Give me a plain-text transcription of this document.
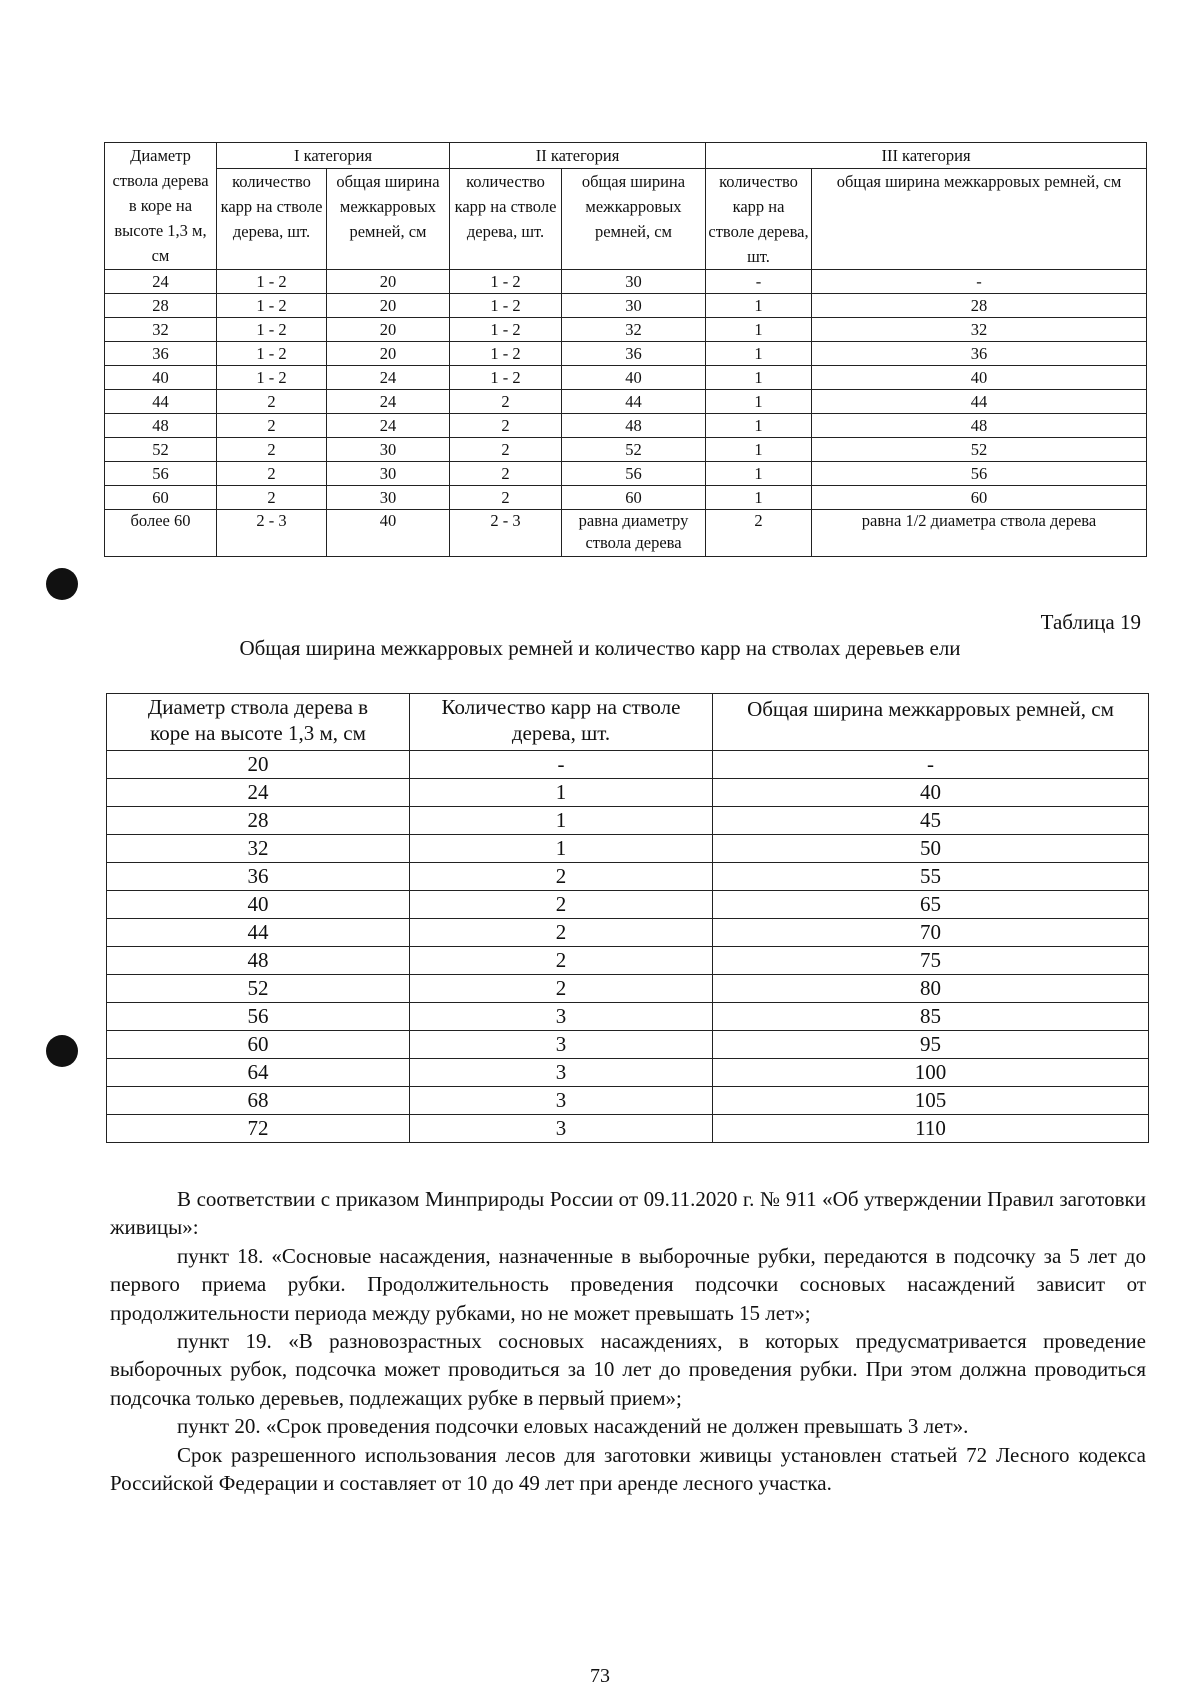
Диаметр ствола дерева в коре на высоте 1,3 м, см	I категория		II категория		III категория	
	количество карр на стволе дерева, шт.	общая ширина межкарровых ремней, см	количество карр на стволе дерева, шт.	общая ширина межкарровых ремней, см	количество карр на стволе дерева, шт.	общая ширина межкарровых ремней, см
24	1 - 2	20	1 - 2	30	-	-
28	1 - 2	20	1 - 2	30	1	28
32	1 - 2	20	1 - 2	32	1	32
36	1 - 2	20	1 - 2	36	1	36
40	1 - 2	24	1 - 2	40	1	40
44	2	24	2	44	1	44
48	2	24	2	48	1	48
52	2	30	2	52	1	52
56	2	30	2	56	1	56
60	2	30	2	60	1	60
более 60	2 - 3	40	2 - 3	равна диаметру ствола дерева	2	равна 1/2 диаметра ствола дерева
Таблица 19
Общая ширина межкарровых ремней и количество карр на стволах деревьев ели
Диаметр ствола дерева в коре на высоте 1,3 м, см	Количество карр на стволе дерева, шт.	Общая ширина межкарровых ремней, см
20	-	-
24	1	40
28	1	45
32	1	50
36	2	55
40	2	65
44	2	70
48	2	75
52	2	80
56	3	85
60	3	95
64	3	100
68	3	105
72	3	110

В соответствии с приказом Минприроды России от 09.11.2020 г. № 911 «Об утверждении Правил заготовки живицы»:

пункт 18. «Сосновые насаждения, назначенные в выборочные рубки, передаются в подсочку за 5 лет до первого приема рубки. Продолжительность проведения подсочки сосновых насаждений зависит от продолжительности периода между рубками, но не может превышать 15 лет»;

пункт 19. «В разновозрастных сосновых насаждениях, в которых предусматривается проведение выборочных рубок, подсочка может проводиться за 10 лет до проведения рубки. При этом должна проводиться подсочка только деревьев, подлежащих рубке в первый прием»;

пункт 20. «Срок проведения подсочки еловых насаждений не должен превышать 3 лет».

Срок разрешенного использования лесов для заготовки живицы установлен статьей 72 Лесного кодекса Российской Федерации и составляет от 10 до 49 лет при аренде лесного участка.

73
